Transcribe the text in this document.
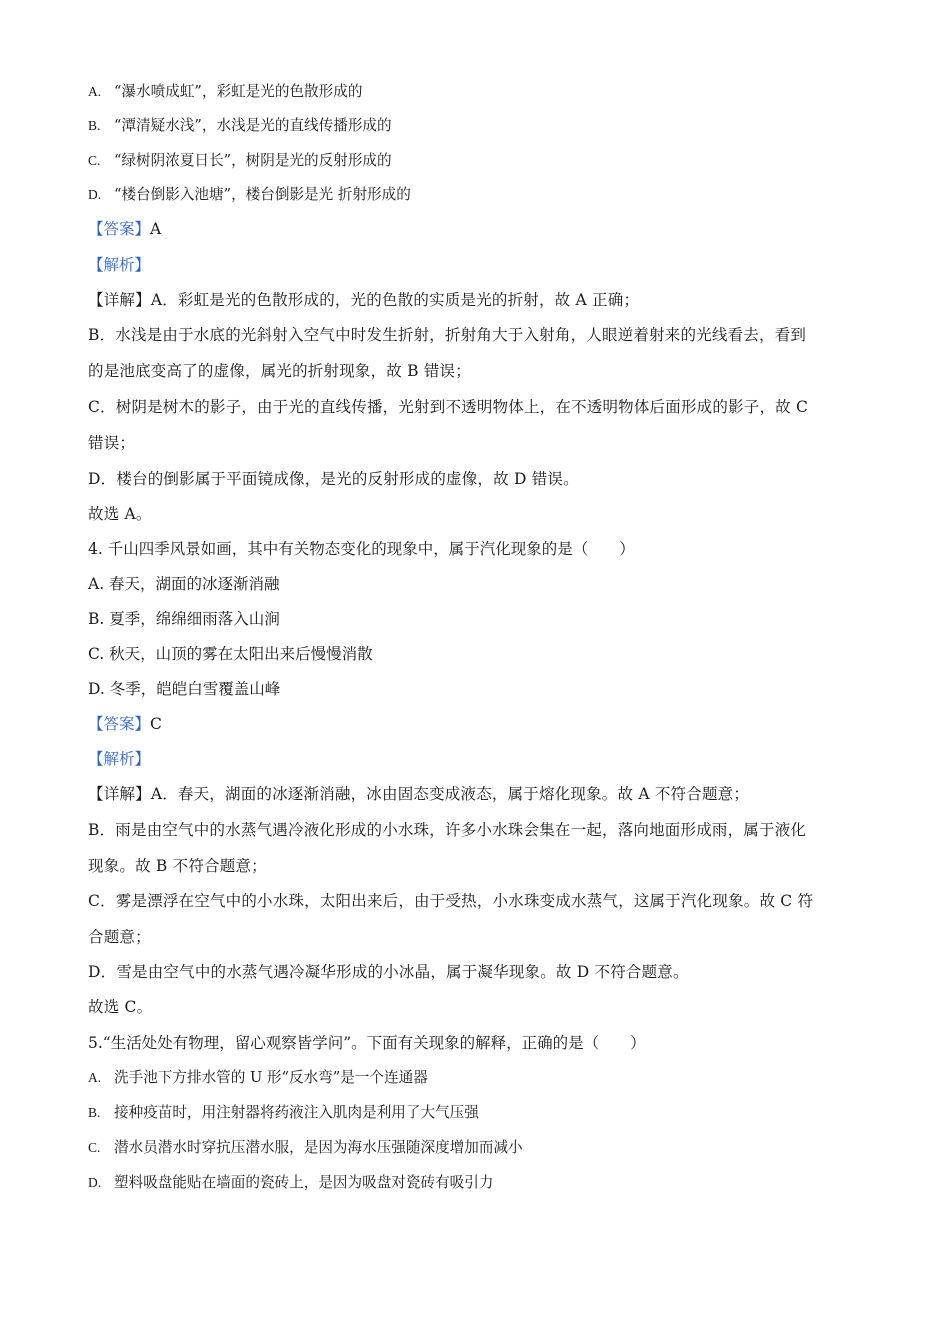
A. “瀑水喷成虹”，彩虹是光的色散形成的
B. “潭清疑水浅”，水浅是光的直线传播形成的
C. “绿树阴浓夏日长”，树阴是光的反射形成的
D. “楼台倒影入池塘”，楼台倒影是光 折射形成的
【答案】A
【解析】
【详解】A．彩虹是光的色散形成的，光的色散的实质是光的折射，故 A 正确；
B．水浅是由于水底的光斜射入空气中时发生折射，折射角大于入射角，人眼逆着射来的光线看去，看到
的是池底变高了的虚像，属光的折射现象，故 B 错误；
C．树阴是树木的影子，由于光的直线传播，光射到不透明物体上，在不透明物体后面形成的影子，故 C
错误；
D．楼台的倒影属于平面镜成像，是光的反射形成的虚像，故 D 错误。
故选 A。
4. 千山四季风景如画，其中有关物态变化的现象中，属于汽化现象的是（　　）
A. 春天，湖面的冰逐渐消融
B. 夏季，绵绵细雨落入山涧
C. 秋天，山顶的雾在太阳出来后慢慢消散
D. 冬季，皑皑白雪覆盖山峰
【答案】C
【解析】
【详解】A．春天，湖面的冰逐渐消融，冰由固态变成液态，属于熔化现象。故 A 不符合题意；
B．雨是由空气中的水蒸气遇冷液化形成的小水珠，许多小水珠会集在一起，落向地面形成雨，属于液化
现象。故 B 不符合题意；
C．雾是漂浮在空气中的小水珠，太阳出来后，由于受热，小水珠变成水蒸气，这属于汽化现象。故 C 符
合题意；
D．雪是由空气中的水蒸气遇冷凝华形成的小冰晶，属于凝华现象。故 D 不符合题意。
故选 C。
5.“生活处处有物理，留心观察皆学问”。下面有关现象的解释，正确的是（　　）
A. 洗手池下方排水管的 U 形“反水弯”是一个连通器
B. 接种疫苗时，用注射器将药液注入肌肉是利用了大气压强
C. 潜水员潜水时穿抗压潜水服，是因为海水压强随深度增加而减小
D. 塑料吸盘能贴在墙面的瓷砖上，是因为吸盘对瓷砖有吸引力
